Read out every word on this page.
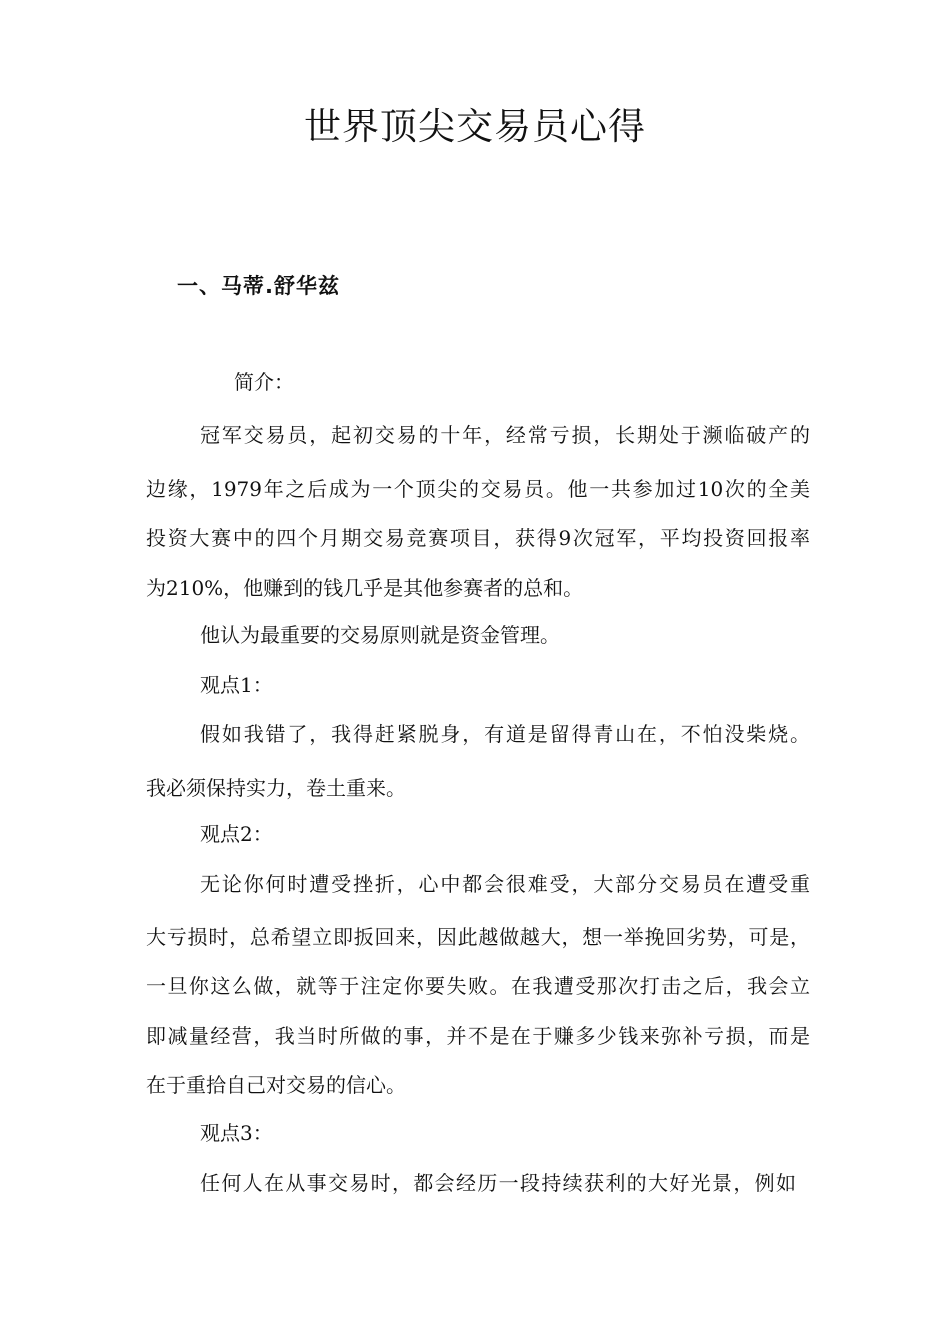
世界顶尖交易员心得
一、马蒂.舒华兹
简介：
冠军交易员，起初交易的十年，经常亏损，长期处于濒临破产的
边缘，1979年之后成为一个顶尖的交易员。他一共参加过10次的全美
投资大赛中的四个月期交易竞赛项目，获得9次冠军，平均投资回报率
为210%，他赚到的钱几乎是其他参赛者的总和。
他认为最重要的交易原则就是资金管理。
观点1：
假如我错了，我得赶紧脱身，有道是留得青山在，不怕没柴烧。
我必须保持实力，卷土重来。
观点2：
无论你何时遭受挫折，心中都会很难受，大部分交易员在遭受重
大亏损时，总希望立即扳回来，因此越做越大，想一举挽回劣势，可是，
一旦你这么做，就等于注定你要失败。在我遭受那次打击之后，我会立
即减量经营，我当时所做的事，并不是在于赚多少钱来弥补亏损，而是
在于重拾自己对交易的信心。
观点3：
任何人在从事交易时，都会经历一段持续获利的大好光景，例如
